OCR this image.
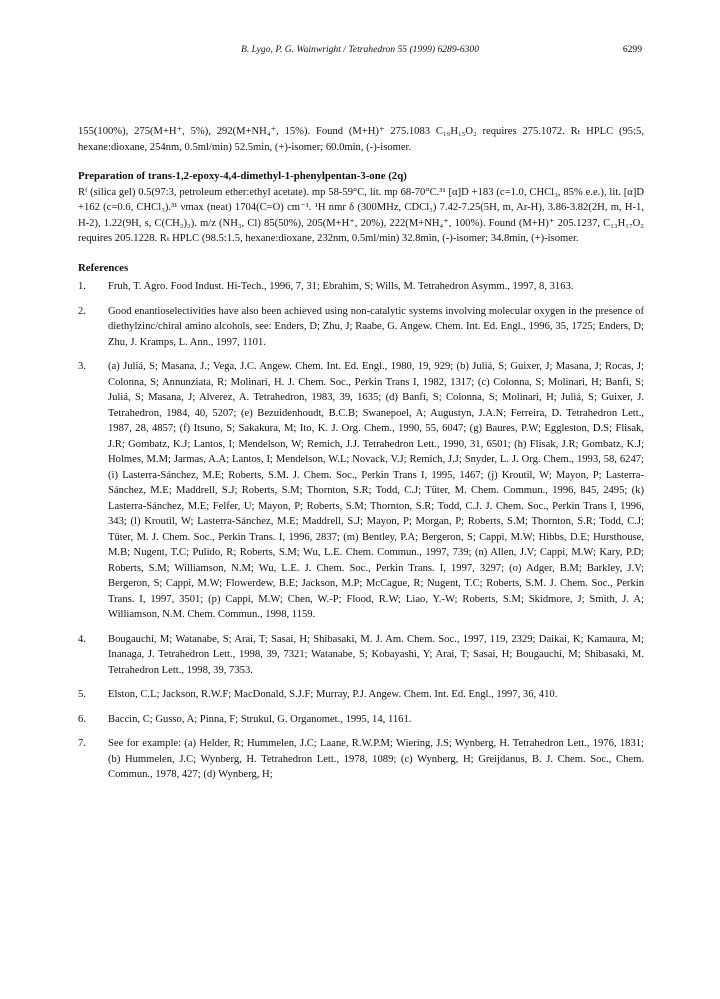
B. Lygo, P. G. Wainwright / Tetrahedron 55 (1999) 6289-6300	6299

155(100%), 275(M+H⁺, 5%), 292(M+NH₄⁺, 15%). Found (M+H)⁺ 275.1083 C₁₉H₁₅O₂ requires 275.1072. Rₜ HPLC (95:5, hexane:dioxane, 254nm, 0.5ml/min) 52.5min, (+)-isomer; 60.0min, (-)-isomer.

Preparation of trans-1,2-epoxy-4,4-dimethyl-1-phenylpentan-3-one (2q)

Rᶠ (silica gel) 0.5(97:3, petroleum ether:ethyl acetate). mp 58-59°C, lit. mp 68-70°C.³¹ [α]D +183 (c=1.0, CHCl₃, 85% e.e.), lit. [α]D +162 (c=0.6, CHCl₃).³¹ νmax (neat) 1704(C=O) cm⁻¹. ¹H nmr δ (300MHz, CDCl₃) 7.42-7.25(5H, m, Ar-H), 3.86-3.82(2H, m, H-1, H-2), 1.22(9H, s, C(CH₃)₃). m/z (NH₃, Cl) 85(50%), 205(M+H⁺, 20%), 222(M+NH₄⁺, 100%). Found (M+H)⁺ 205.1237, C₁₃H₁₇O₂ requires 205.1228. Rₜ HPLC (98.5:1.5, hexane:dioxane, 232nm, 0.5ml/min) 32.8min, (-)-isomer; 34.8min, (+)-isomer.

References
1.	Fruh, T. Agro. Food Indust. Hi-Tech., 1996, 7, 31; Ebrahim, S; Wills, M. Tetrahedron Asymm., 1997, 8, 3163.
2.	Good enantioselectivities have also been achieved using non-catalytic systems involving molecular oxygen in the presence of diethylzinc/chiral amino alcohols, see: Enders, D; Zhu, J; Raabe, G. Angew. Chem. Int. Ed. Engl., 1996, 35, 1725; Enders, D; Zhu, J. Kramps, L. Ann., 1997, 1101.
3.	(a) Juliá, S; Masana, J.; Vega, J.C. Angew. Chem. Int. Ed. Engl., 1980, 19, 929; (b) Juliá, S; Guixer, J; Masana, J; Rocas, J; Colonna, S; Annunziata, R; Molinari, H. J. Chem. Soc., Perkin Trans I, 1982, 1317; (c) Colonna, S; Molinari, H; Banfi, S; Juliá, S; Masana, J; Alverez, A. Tetrahedron, 1983, 39, 1635; (d) Banfi, S; Colonna, S; Molinari, H; Juliá, S; Guixer, J. Tetrahedron, 1984, 40, 5207; (e) Bezuidenhoudt, B.C.B; Swanepoel, A; Augustyn, J.A.N; Ferreira, D. Tetrahedron Lett., 1987, 28, 4857; (f) Itsuno, S; Sakakura, M; Ito, K. J. Org. Chem., 1990, 55, 6047; (g) Baures, P.W; Eggleston, D.S; Flisak, J.R; Gombatz, K.J; Lantos, I; Mendelson, W; Remich, J.J. Tetrahedron Lett., 1990, 31, 6501; (h) Flisak, J.R; Gombatz, K.J; Holmes, M.M; Jarmas, A.A; Lantos, I; Mendelson, W.L; Novack, V.J; Remich, J.J; Snyder, L. J. Org. Chem., 1993, 58, 6247; (i) Lasterra-Sánchez, M.E; Roberts, S.M. J. Chem. Soc., Perkin Trans I, 1995, 1467; (j) Kroutil, W; Mayon, P; Lasterra-Sánchez, M.E; Maddrell, S.J; Roberts, S.M; Thornton, S.R; Todd, C.J; Tüter, M. Chem. Commun., 1996, 845, 2495; (k) Lasterra-Sánchez, M.E; Felfer, U; Mayon, P; Roberts, S.M; Thornton, S.R; Todd, C.J. J. Chem. Soc., Perkin Trans I, 1996, 343; (l) Kroutil, W; Lasterra-Sánchez, M.E; Maddrell, S.J; Mayon, P; Morgan, P; Roberts, S.M; Thornton, S.R; Todd, C.J; Tüter, M. J. Chem. Soc., Perkin Trans. I, 1996, 2837; (m) Bentley, P.A; Bergeron, S; Cappi, M.W; Hibbs, D.E; Hursthouse, M.B; Nugent, T.C; Pulido, R; Roberts, S.M; Wu, L.E. Chem. Commun., 1997, 739; (n) Allen, J.V; Cappi, M.W; Kary, P.D; Roberts, S.M; Williamson, N.M; Wu, L.E. J. Chem. Soc., Perkin Trans. I, 1997, 3297; (o) Adger, B.M; Barkley, J.V; Bergeron, S; Cappi, M.W; Flowerdew, B.E; Jackson, M.P; McCague, R; Nugent, T.C; Roberts, S.M. J. Chem. Soc., Perkin Trans. I, 1997, 3501; (p) Cappi, M.W; Chen, W.-P; Flood, R.W; Liao, Y.-W; Roberts, S.M; Skidmore, J; Smith, J. A; Williamson, N.M. Chem. Commun., 1998, 1159.
4.	Bougauchi, M; Watanabe, S; Arai, T; Sasai, H; Shibasaki, M. J. Am. Chem. Soc., 1997, 119, 2329; Daikai, K; Kamaura, M; Inanaga, J. Tetrahedron Lett., 1998, 39, 7321; Watanabe, S; Kobayashi, Y; Arai, T; Sasai, H; Bougauchi, M; Shibasaki, M. Tetrahedron Lett., 1998, 39, 7353.
5.	Elston, C.L; Jackson, R.W.F; MacDonald, S.J.F; Murray, P.J. Angew. Chem. Int. Ed. Engl., 1997, 36, 410.
6.	Baccin, C; Gusso, A; Pinna, F; Strukul, G. Organomet., 1995, 14, 1161.
7.	See for example: (a) Helder, R; Hummelen, J.C; Laane, R.W.P.M; Wiering, J.S; Wynberg, H. Tetrahedron Lett., 1976, 1831; (b) Hummelen, J.C; Wynberg, H. Tetrahedron Lett., 1978, 1089; (c) Wynberg, H; Greijdanus, B. J. Chem. Soc., Chem. Commun., 1978, 427; (d) Wynberg, H;
